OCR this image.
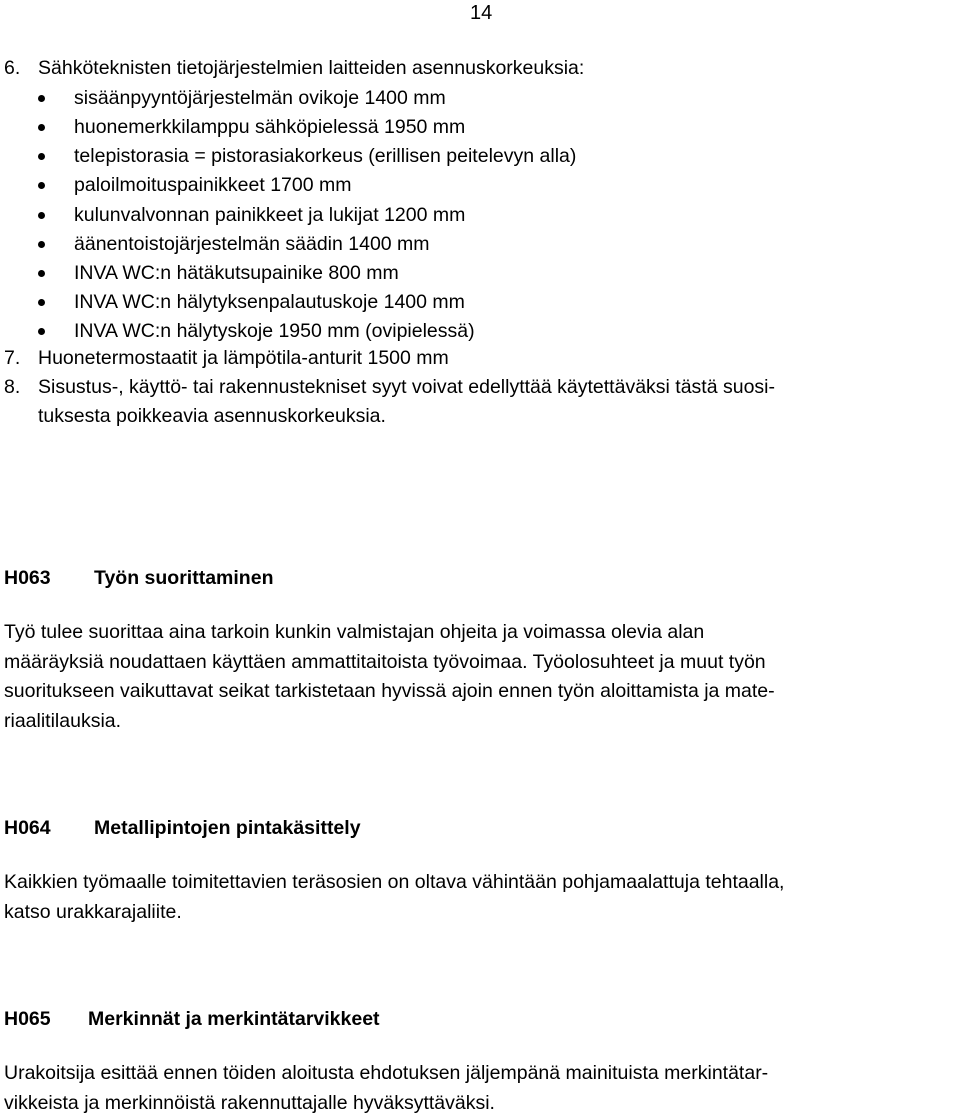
14
6. Sähköteknisten tietojärjestelmien laitteiden asennuskorkeuksia:
sisäänpyyntöjärjestelmän ovikoje 1400 mm
huonemerkkilamppu sähköpielessä 1950 mm
telepistorasia = pistorasiakorkeus (erillisen peitelevyn alla)
paloilmoituspainikkeet 1700 mm
kulunvalvonnan painikkeet ja lukijat 1200 mm
äänentoistojärjestelmän säädin 1400 mm
INVA WC:n hätäkutsupainike 800 mm
INVA WC:n hälytyksenpalautuskoje 1400 mm
INVA WC:n hälytyskoje 1950 mm (ovipielessä)
7. Huonetermostaatit ja lämpötila-anturit 1500 mm
8. Sisustus-, käyttö- tai rakennustekniset syyt voivat edellyttää käytettäväksi tästä suosi-
tuksesta poikkeavia asennuskorkeuksia.
H063 Työn suorittaminen
Työ tulee suorittaa aina tarkoin kunkin valmistajan ohjeita ja voimassa olevia alan
määräyksiä noudattaen käyttäen ammattitaitoista työvoimaa. Työolosuhteet ja muut työn
suoritukseen vaikuttavat seikat tarkistetaan hyvissä ajoin ennen työn aloittamista ja mate-
riaalitilauksia.
H064 Metallipintojen pintakäsittely
Kaikkien työmaalle toimitettavien teräsosien on oltava vähintään pohjamaalattuja tehtaalla,
katso urakkarajaliite.
H065 Merkinnät ja merkintätarvikkeet
Urakoitsija esittää ennen töiden aloitusta ehdotuksen jäljempänä mainituista merkintätar-
vikkeista ja merkinnöistä rakennuttajalle hyväksyttäväksi.
